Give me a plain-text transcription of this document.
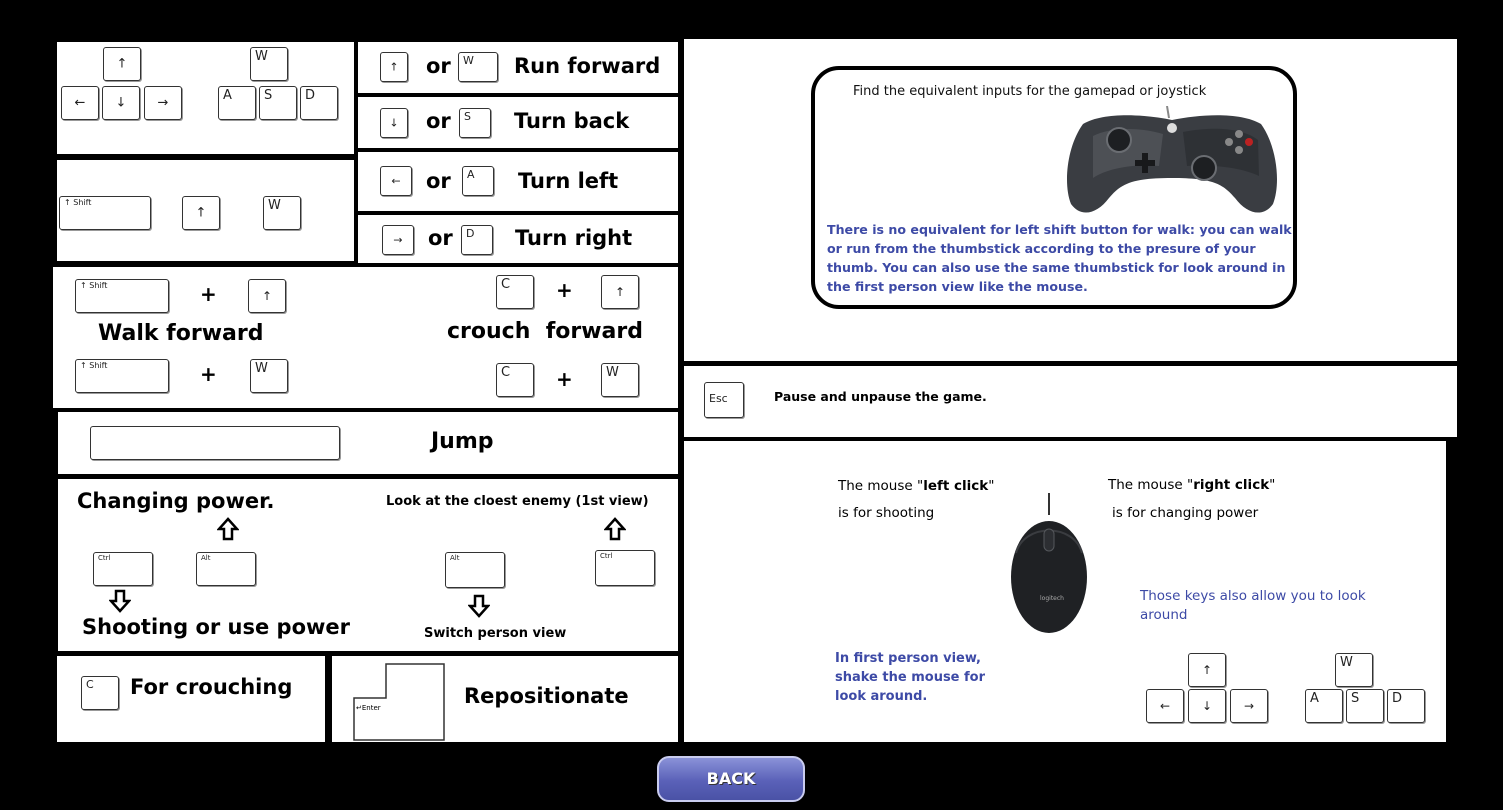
↑
←	↓	→
W
A S	D
↑ Shift
↑	W
↑	or W Run forward
↓	or S Turn back
←	or A Turn left
→	or D Turn right
↑ Shift	+	↑
Walk forward
↑ Shift	+	W
C +	↑
crouch  forward
C +	W
Jump
Changing power.	Look at the cloest enemy (1st view)
Ctrl	Alt	Alt	Ctrl
Shooting or use power	Switch person view
C For crouching
↵Enter	Repositionate
Find the equivalent inputs for the gamepad or joystick
There is no equivalent for left shift button for walk: you can walk or run from the thumbstick according to the presure of your thumb. You can also use the same thumbstick for look around in the first person view like the mouse.
Esc	Pause and unpause the game.
The mouse "left click"
is for shooting
The mouse "right click"
is for changing power
logitech	Those keys also allow you to look around
In first person view, shake the mouse for look around.
↑
←	↓	→
W
A S	D
BACK
